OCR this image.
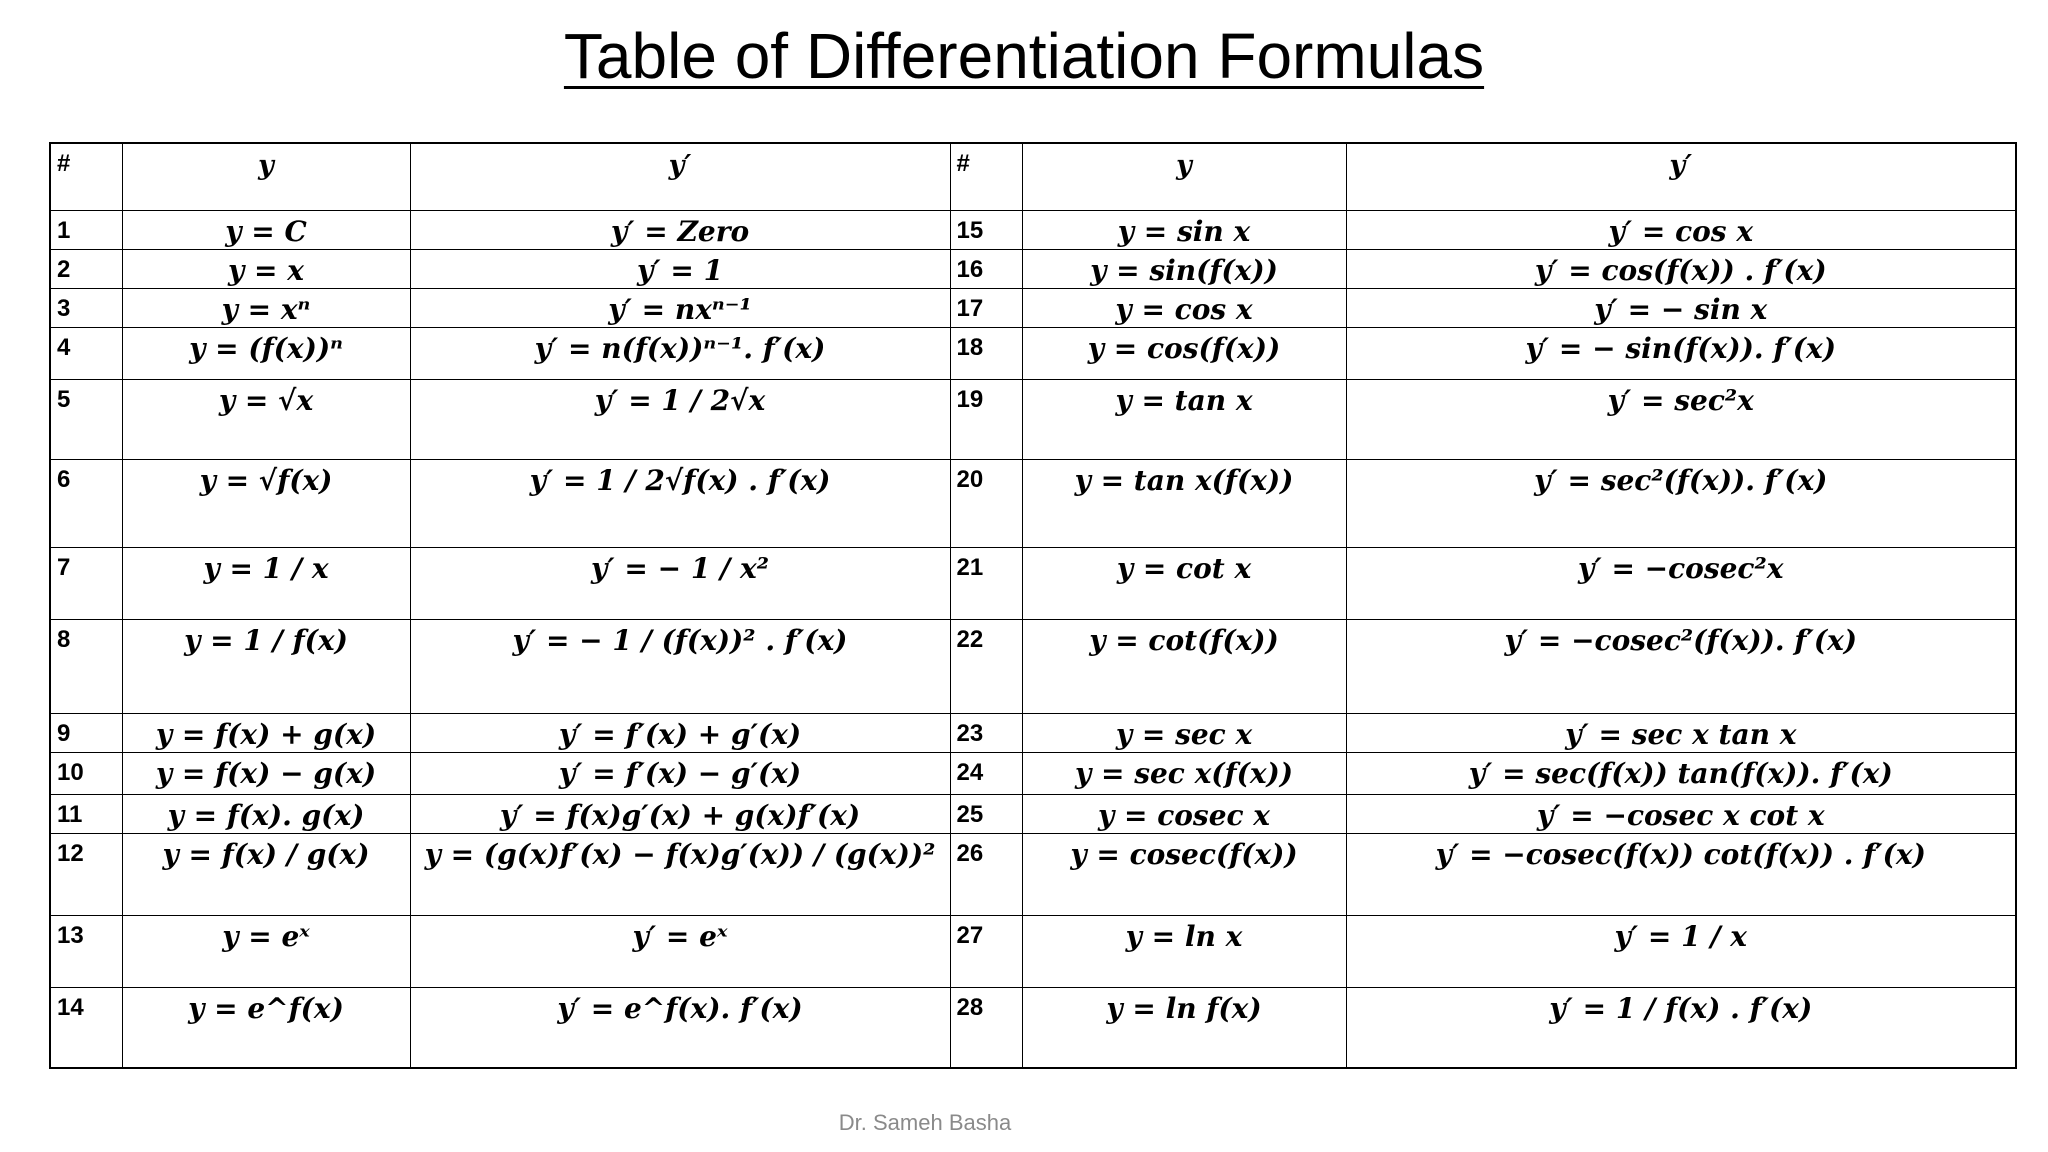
Table of Differentiation Formulas
#	y	y′	#	y	y′
1	y = C	y′ = Zero	15	y = sin x	y′ = cos x
2	y = x	y′ = 1	16	y = sin(f(x))	y′ = cos(f(x)) . f′(x)
3	y = xⁿ	y′ = nxⁿ⁻¹	17	y = cos x	y′ = − sin x
4	y = (f(x))ⁿ	y′ = n(f(x))ⁿ⁻¹. f′(x)	18	y = cos(f(x))	y′ = − sin(f(x)). f′(x)
5	y = √x	y′ = 1 / 2√x	19	y = tan x	y′ = sec²x
6	y = √f(x)	y′ = 1 / 2√f(x) . f′(x)	20	y = tan x(f(x))	y′ = sec²(f(x)). f′(x)
7	y = 1 / x	y′ = − 1 / x²	21	y = cot x	y′ = −cosec²x
8	y = 1 / f(x)	y′ = − 1 / (f(x))² . f′(x)	22	y = cot(f(x))	y′ = −cosec²(f(x)). f′(x)
9	y = f(x) + g(x)	y′ = f′(x) + g′(x)	23	y = sec x	y′ = sec x tan x
10	y = f(x) − g(x)	y′ = f′(x) − g′(x)	24	y = sec x(f(x))	y′ = sec(f(x)) tan(f(x)). f′(x)
11	y = f(x). g(x)	y′ = f(x)g′(x) + g(x)f′(x)	25	y = cosec x	y′ = −cosec x cot x
12	y = f(x) / g(x)	y = (g(x)f′(x) − f(x)g′(x)) / (g(x))²	26	y = cosec(f(x))	y′ = −cosec(f(x)) cot(f(x)) . f′(x)
13	y = eˣ	y′ = eˣ	27	y = ln x	y′ = 1 / x
14	y = e^f(x)	y′ = e^f(x). f′(x)	28	y = ln f(x)	y′ = 1 / f(x) . f′(x)
Dr. Sameh Basha
